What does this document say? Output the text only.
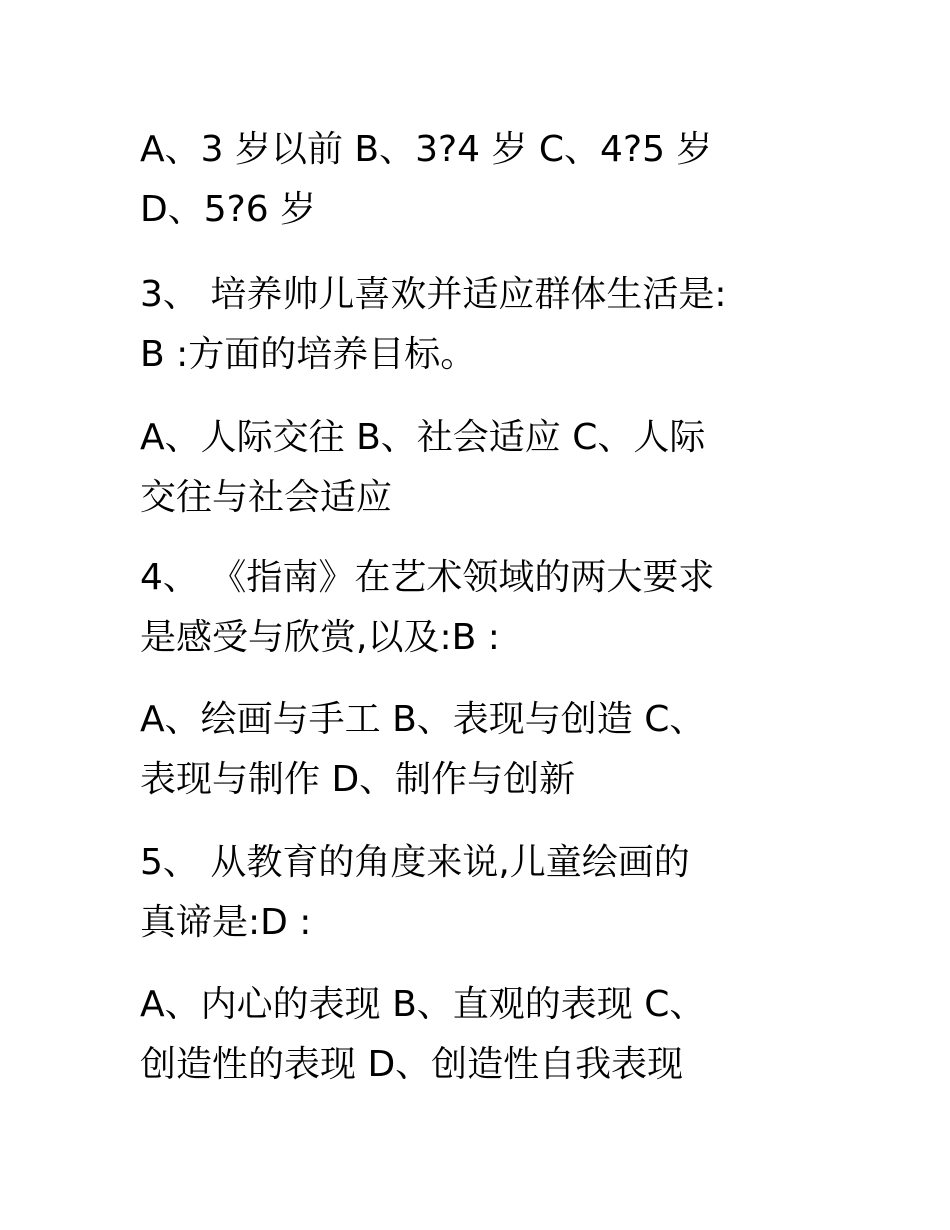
A、3 岁以前 B、3?4 岁 C、4?5 岁
D、5?6 岁
3、 培养帅儿喜欢并适应群体生活是:
B :方面的培养目标。
A、人际交往 B、社会适应 C、人际
交往与社会适应
4、 《指南》在艺术领域的两大要求
是感受与欣赏,以及:B :
A、绘画与手工 B、表现与创造 C、
表现与制作 D、制作与创新
5、 从教育的角度来说,儿童绘画的
真谛是:D :
A、内心的表现 B、直观的表现 C、
创造性的表现 D、创造性自我表现
